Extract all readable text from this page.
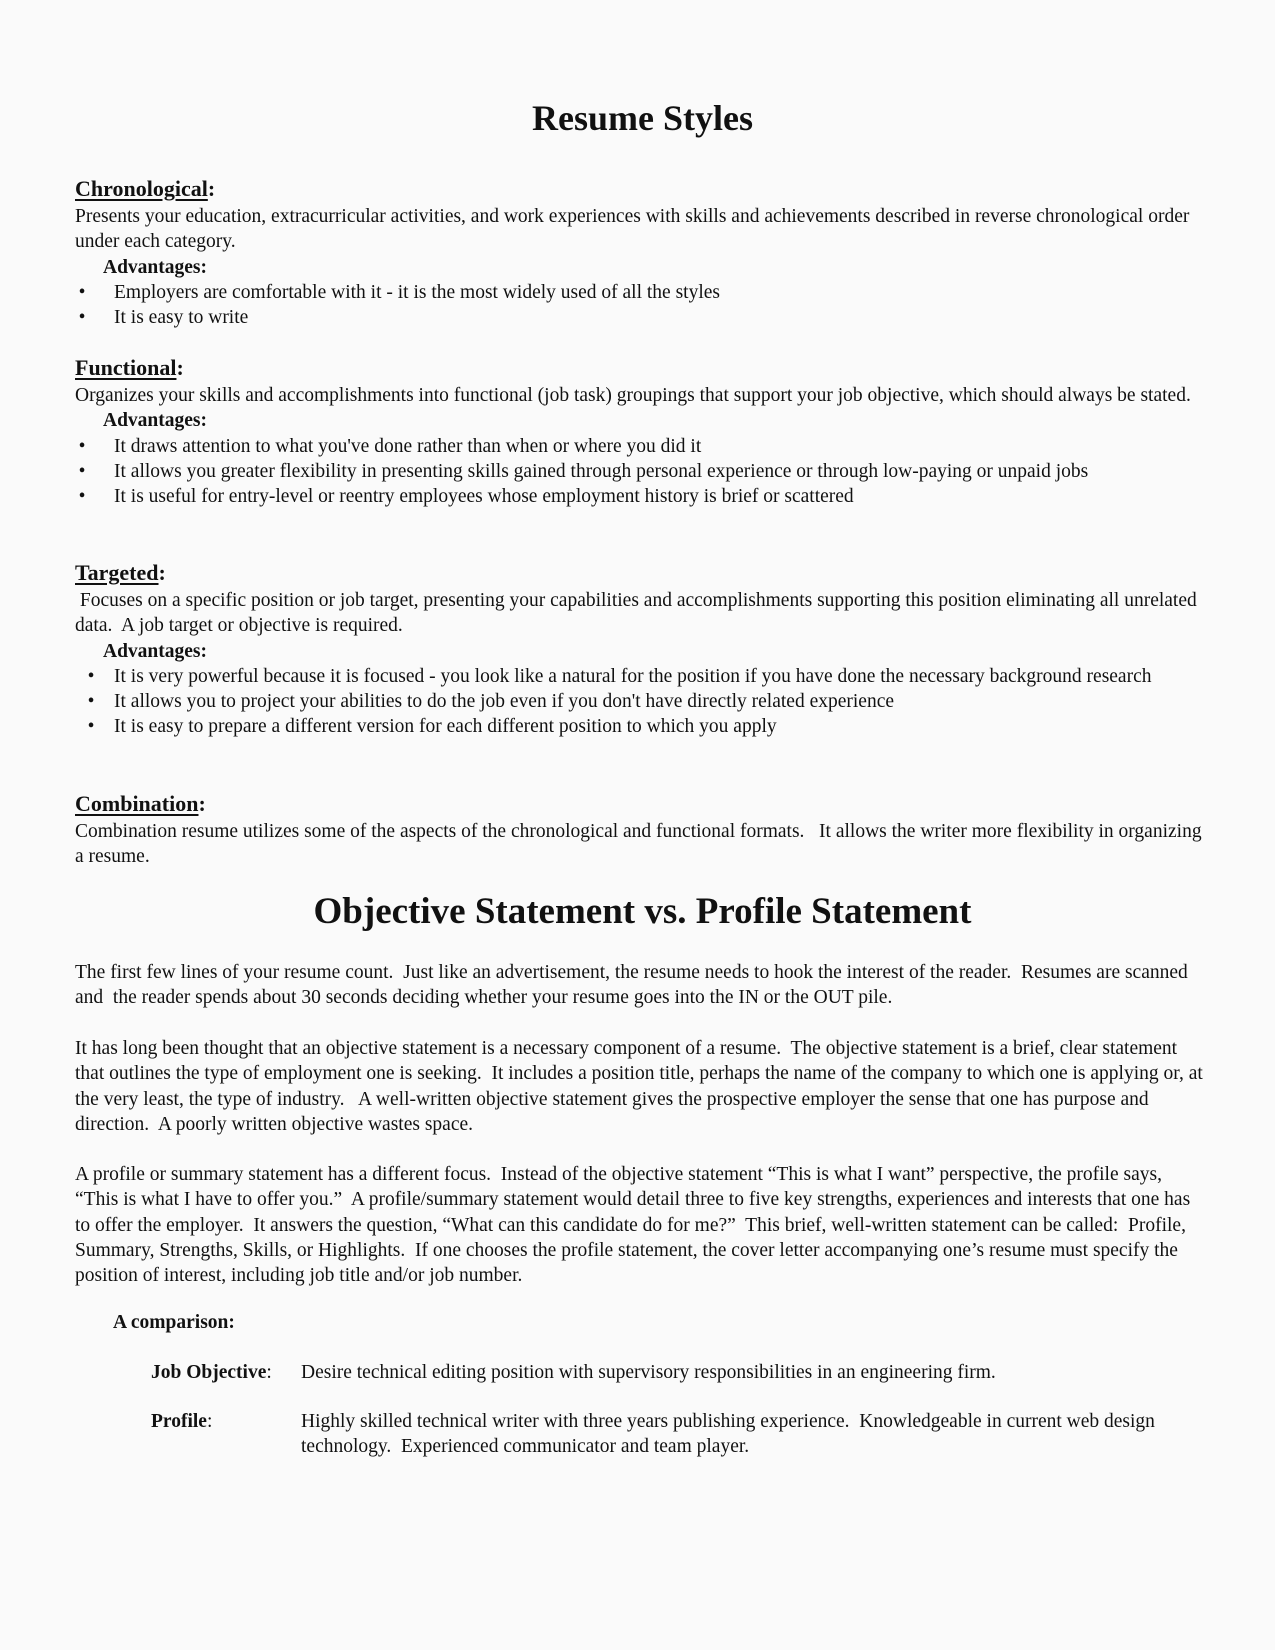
Resume Styles
Chronological:

Presents your education, extracurricular activities, and work experiences with skills and achievements described in reverse chronological order under each category.

Advantages:
• Employers are comfortable with it - it is the most widely used of all the styles
• It is easy to write
Functional:

Organizes your skills and accomplishments into functional (job task) groupings that support your job objective, which should always be stated.

Advantages:
• It draws attention to what you've done rather than when or where you did it
• It allows you greater flexibility in presenting skills gained through personal experience or through low-paying or unpaid jobs
• It is useful for entry-level or reentry employees whose employment history is brief or scattered
Targeted:

Focuses on a specific position or job target, presenting your capabilities and accomplishments supporting this position eliminating all unrelated data.  A job target or objective is required.

Advantages:
• It is very powerful because it is focused - you look like a natural for the position if you have done the necessary background research
• It allows you to project your abilities to do the job even if you don't have directly related experience
• It is easy to prepare a different version for each different position to which you apply
Combination:

Combination resume utilizes some of the aspects of the chronological and functional formats.   It allows the writer more flexibility in organizing a resume.

Objective Statement vs. Profile Statement

The first few lines of your resume count.  Just like an advertisement, the resume needs to hook the interest of the reader.  Resumes are scanned and  the reader spends about 30 seconds deciding whether your resume goes into the IN or the OUT pile.

It has long been thought that an objective statement is a necessary component of a resume.  The objective statement is a brief, clear statement that outlines the type of employment one is seeking.  It includes a position title, perhaps the name of the company to which one is applying or, at the very least, the type of industry.   A well-written objective statement gives the prospective employer the sense that one has purpose and direction.  A poorly written objective wastes space.

A profile or summary statement has a different focus.  Instead of the objective statement “This is what I want” perspective, the profile says, “This is what I have to offer you.”  A profile/summary statement would detail three to five key strengths, experiences and interests that one has to offer the employer.  It answers the question, “What can this candidate do for me?”  This brief, well-written statement can be called:  Profile, Summary, Strengths, Skills, or Highlights.  If one chooses the profile statement, the cover letter accompanying one’s resume must specify the position of interest, including job title and/or job number.

A comparison:
Job Objective:	Desire technical editing position with supervisory responsibilities in an engineering firm.
Profile:	Highly skilled technical writer with three years publishing experience.  Knowledgeable in current web design technology.  Experienced communicator and team player.
